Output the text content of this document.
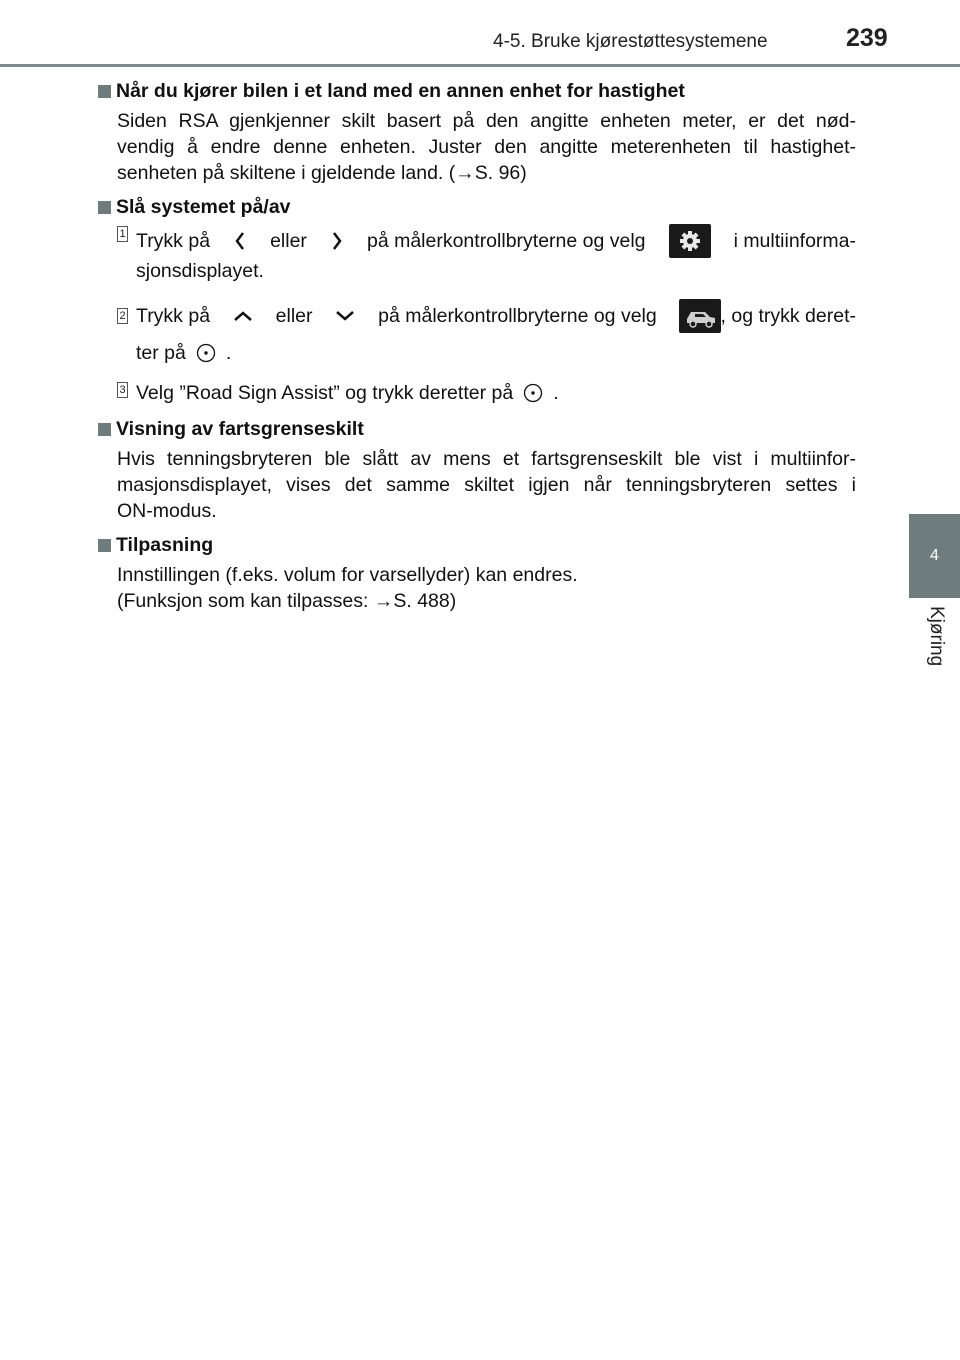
4-5. Bruke kjørestøttesystemene	239
4
Kjøring
Når du kjører bilen i et land med en annen enhet for hastighet
Siden RSA gjenkjenner skilt basert på den angitte enheten meter, er det nød-
vendig å endre denne enheten. Juster den angitte meterenheten til hastighet-
senheten på skiltene i gjeldende land. (→S. 96)
Slå systemet på/av
1 Trykk på	eller	på målerkontrollbryterne og velg	i multiinforma-
sjonsdisplayet.
2 Trykk på	eller	på målerkontrollbryterne og velg	, og trykk deret-
ter på .
3 Velg ”Road Sign Assist” og trykk deretter på .
Visning av fartsgrenseskilt
Hvis tenningsbryteren ble slått av mens et fartsgrenseskilt ble vist i multiinfor-
masjonsdisplayet, vises det samme skiltet igjen når tenningsbryteren settes i
ON-modus.
Tilpasning
Innstillingen (f.eks. volum for varsellyder) kan endres.
(Funksjon som kan tilpasses: →S. 488)
